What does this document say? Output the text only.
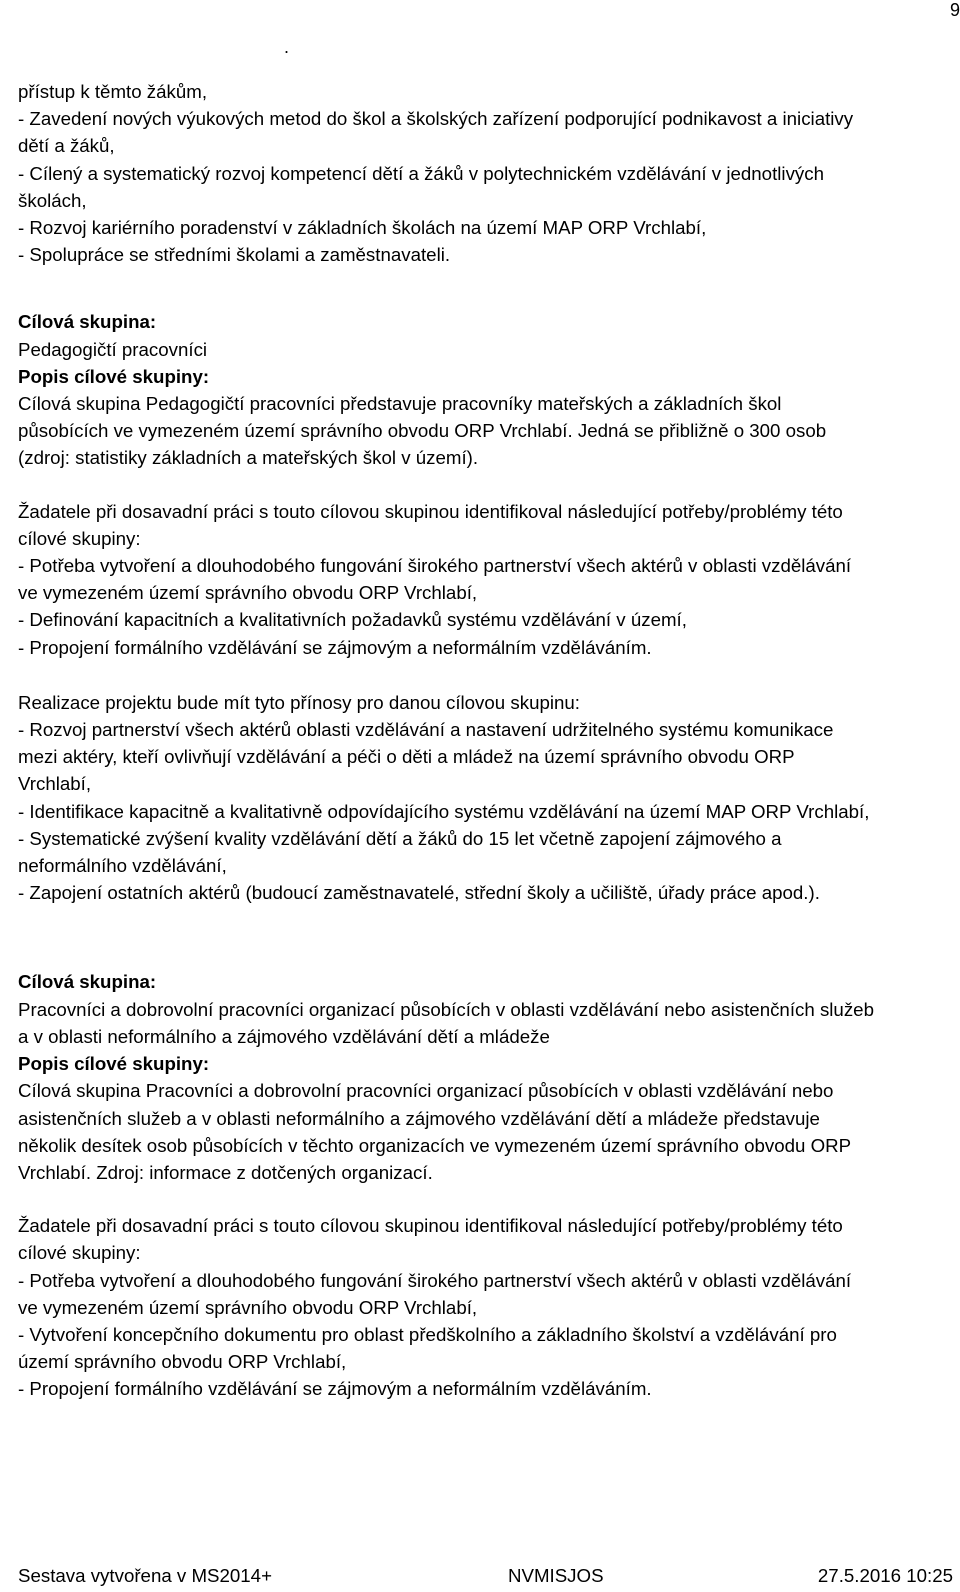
9
.
přístup k těmto žákům,
- Zavedení nových výukových metod do škol a školských zařízení podporující podnikavost a iniciativy
dětí a žáků,
- Cílený a systematický rozvoj kompetencí dětí a žáků v polytechnickém vzdělávání v jednotlivých
školách,
- Rozvoj kariérního poradenství v základních školách na území MAP ORP Vrchlabí,
- Spolupráce se středními školami a zaměstnavateli.
Cílová skupina:
Pedagogičtí pracovníci
Popis cílové skupiny:
Cílová skupina Pedagogičtí pracovníci představuje pracovníky mateřských a základních škol
působících ve vymezeném území správního obvodu ORP Vrchlabí. Jedná se přibližně o 300 osob
(zdroj: statistiky základních a mateřských škol v území).
Žadatele při dosavadní práci s touto cílovou skupinou identifikoval následující potřeby/problémy této
cílové skupiny:
- Potřeba vytvoření a dlouhodobého fungování širokého partnerství všech aktérů v oblasti vzdělávání
ve vymezeném území správního obvodu ORP Vrchlabí,
- Definování kapacitních a kvalitativních požadavků systému vzdělávání v území,
- Propojení formálního vzdělávání se zájmovým a neformálním vzděláváním.
Realizace projektu bude mít tyto přínosy pro danou cílovou skupinu:
- Rozvoj partnerství všech aktérů oblasti vzdělávání a nastavení udržitelného systému komunikace
mezi aktéry, kteří ovlivňují vzdělávání a péči o děti a mládež na území správního obvodu ORP
Vrchlabí,
- Identifikace kapacitně a kvalitativně odpovídajícího systému vzdělávání na území MAP ORP Vrchlabí,
- Systematické zvýšení kvality vzdělávání dětí a žáků do 15 let včetně zapojení zájmového a
neformálního vzdělávání,
- Zapojení ostatních aktérů (budoucí zaměstnavatelé, střední školy a učiliště, úřady práce apod.).
Cílová skupina:
Pracovníci a dobrovolní pracovníci organizací působících v oblasti vzdělávání nebo asistenčních služeb
a v oblasti neformálního a zájmového vzdělávání dětí a mládeže
Popis cílové skupiny:
Cílová skupina Pracovníci a dobrovolní pracovníci organizací působících v oblasti vzdělávání nebo
asistenčních služeb a v oblasti neformálního a zájmového vzdělávání dětí a mládeže představuje
několik desítek osob působících v těchto organizacích ve vymezeném území správního obvodu ORP
Vrchlabí. Zdroj: informace z dotčených organizací.
Žadatele při dosavadní práci s touto cílovou skupinou identifikoval následující potřeby/problémy této
cílové skupiny:
- Potřeba vytvoření a dlouhodobého fungování širokého partnerství všech aktérů v oblasti vzdělávání
ve vymezeném území správního obvodu ORP Vrchlabí,
- Vytvoření koncepčního dokumentu pro oblast předškolního a základního školství a vzdělávání pro
území správního obvodu ORP Vrchlabí,
- Propojení formálního vzdělávání se zájmovým a neformálním vzděláváním.
Sestava vytvořena v MS2014+	NVMISJOS	27.5.2016 10:25
